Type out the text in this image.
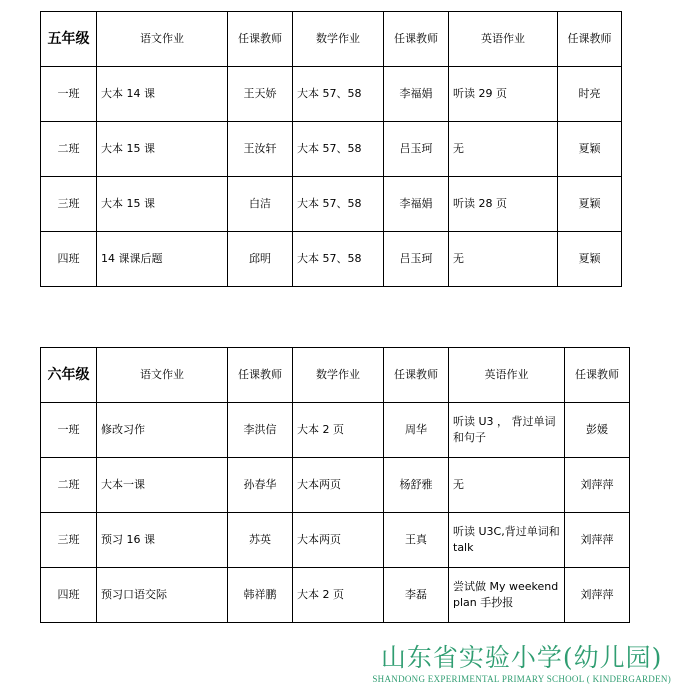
五年级	语文作业	任课教师	数学作业	任课教师	英语作业	任课教师
一班	大本 14 课	王天娇	大本 57、58	李福娟	听读 29 页	时亮
二班	大本 15 课	王汝轩	大本 57、58	吕玉珂	无	夏颖
三班	大本 15 课	白洁	大本 57、58	李福娟	听读 28 页	夏颖
四班	14 课课后题	邱明	大本 57、58	吕玉珂	无	夏颖
六年级	语文作业	任课教师	数学作业	任课教师	英语作业	任课教师
一班	修改习作	李洪信	大本 2 页	周华	听读 U3 ， 背过单词和句子	彭媛
二班	大本一课	孙春华	大本两页	杨舒雅	无	刘萍萍
三班	预习 16 课	苏英	大本两页	王真	听读 U3C,背过单词和 talk	刘萍萍
四班	预习口语交际	韩祥鹏	大本 2 页	李磊	尝试做 My weekend plan 手抄报	刘萍萍
山东省实验小学(幼儿园)
SHANDONG EXPERIMENTAL PRIMARY SCHOOL ( KINDERGARDEN)
